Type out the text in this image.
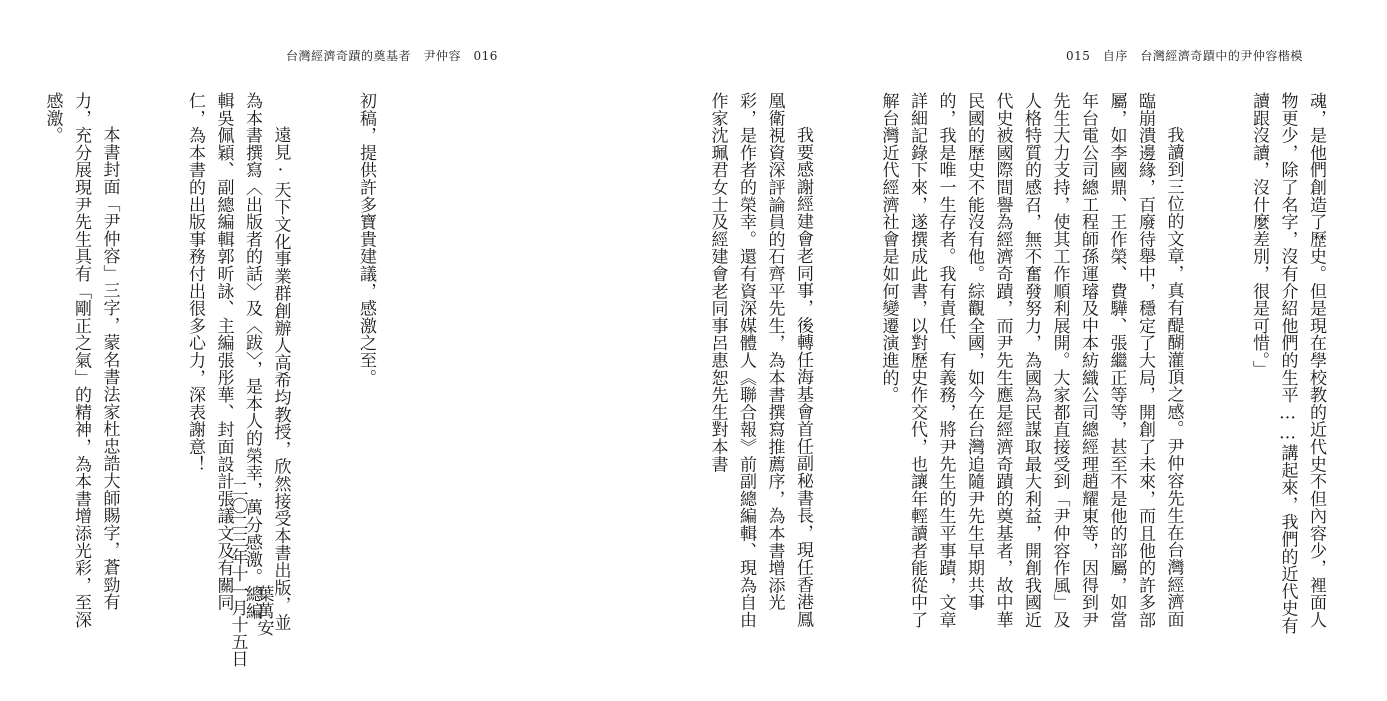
台灣經濟奇蹟的奠基者　尹仲容　016

初稿，提供許多寶貴建議，感激之至。

遠見·天下文化事業群創辦人高希均教授，欣然接受本書出版，並為本書撰寫〈出版者的話〉及〈跋〉，是本人的榮幸，萬分感激。總編輯吳佩穎、副總編輯郭昕詠、主編張彤華、封面設計張議文及有關同仁，為本書的出版事務付出很多心力，深表謝意！

本書封面「尹仲容」三字，蒙名書法家杜忠誥大師賜字，蒼勁有力，充分展現尹先生具有「剛正之氣」的精神，為本書增添光彩，至深感激。

葉萬安
二〇二三年十一月十五日
015　自序　台灣經濟奇蹟中的尹仲容楷模

魂，是他們創造了歷史。但是現在學校教的近代史不但內容少，裡面人物更少，除了名字，沒有介紹他們的生平……講起來，我們的近代史有讀跟沒讀，沒什麼差別，很是可惜。」

我讀到三位的文章，真有醍醐灌頂之感。尹仲容先生在台灣經濟面臨崩潰邊緣，百廢待舉中，穩定了大局，開創了未來，而且他的許多部屬，如李國鼎、王作榮、費驊、張繼正等等，甚至不是他的部屬，如當年台電公司總工程師孫運璿及中本紡織公司總經理趙耀東等，因得到尹先生大力支持，使其工作順利展開。大家都直接受到「尹仲容作風」及人格特質的感召，無不奮發努力，為國為民謀取最大利益，開創我國近代史被國際間譽為經濟奇蹟，而尹先生應是經濟奇蹟的奠基者，故中華民國的歷史不能沒有他。綜觀全國，如今在台灣追隨尹先生早期共事的，我是唯一生存者。我有責任、有義務，將尹先生的生平事蹟，文章詳細記錄下來，遂撰成此書，以對歷史作交代，也讓年輕讀者能從中了解台灣近代經濟社會是如何變遷演進的。

我要感謝經建會老同事，後轉任海基會首任副秘書長，現任香港鳳凰衛視資深評論員的石齊平先生，為本書撰寫推薦序，為本書增添光彩，是作者的榮幸。還有資深媒體人《聯合報》前副總編輯、現為自由作家沈珮君女士及經建會老同事呂惠恕先生對本書
